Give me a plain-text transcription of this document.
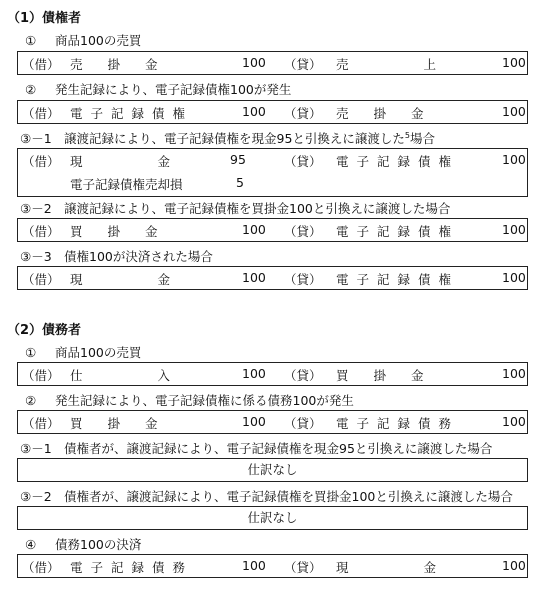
（1）債権者
① 商品100の売買
（借） 売　　掛　　金	100 （貸） 売　　　　　　上	100
② 発生記録により、電子記録債権100が発生
（借） 電子記録債権	100 （貸） 売　　掛　　金	100
③－1 譲渡記録により、電子記録債権を現金95と引換えに譲渡した$^5$場合
（借） 現　　　　　　金	95	（貸） 電子記録債権	100
電子記録債権売却損	5
③－2 譲渡記録により、電子記録債権を買掛金100と引換えに譲渡した場合
（借） 買　　掛　　金	100 （貸） 電子記録債権	100
③－3 債権100が決済された場合
（借） 現　　　　　　金	100 （貸） 電子記録債権	100
（2）債務者
① 商品100の売買
（借） 仕　　　　　　入	100 （貸） 買　　掛　　金	100
② 発生記録により、電子記録債権に係る債務100が発生
（借） 買　　掛　　金	100 （貸） 電子記録債務	100
③－1 債権者が、譲渡記録により、電子記録債権を現金95と引換えに譲渡した場合
仕訳なし
③－2 債権者が、譲渡記録により、電子記録債権を買掛金100と引換えに譲渡した場合
仕訳なし
④ 債務100の決済
（借） 電子記録債務	100 （貸） 現　　　　　　金	100
